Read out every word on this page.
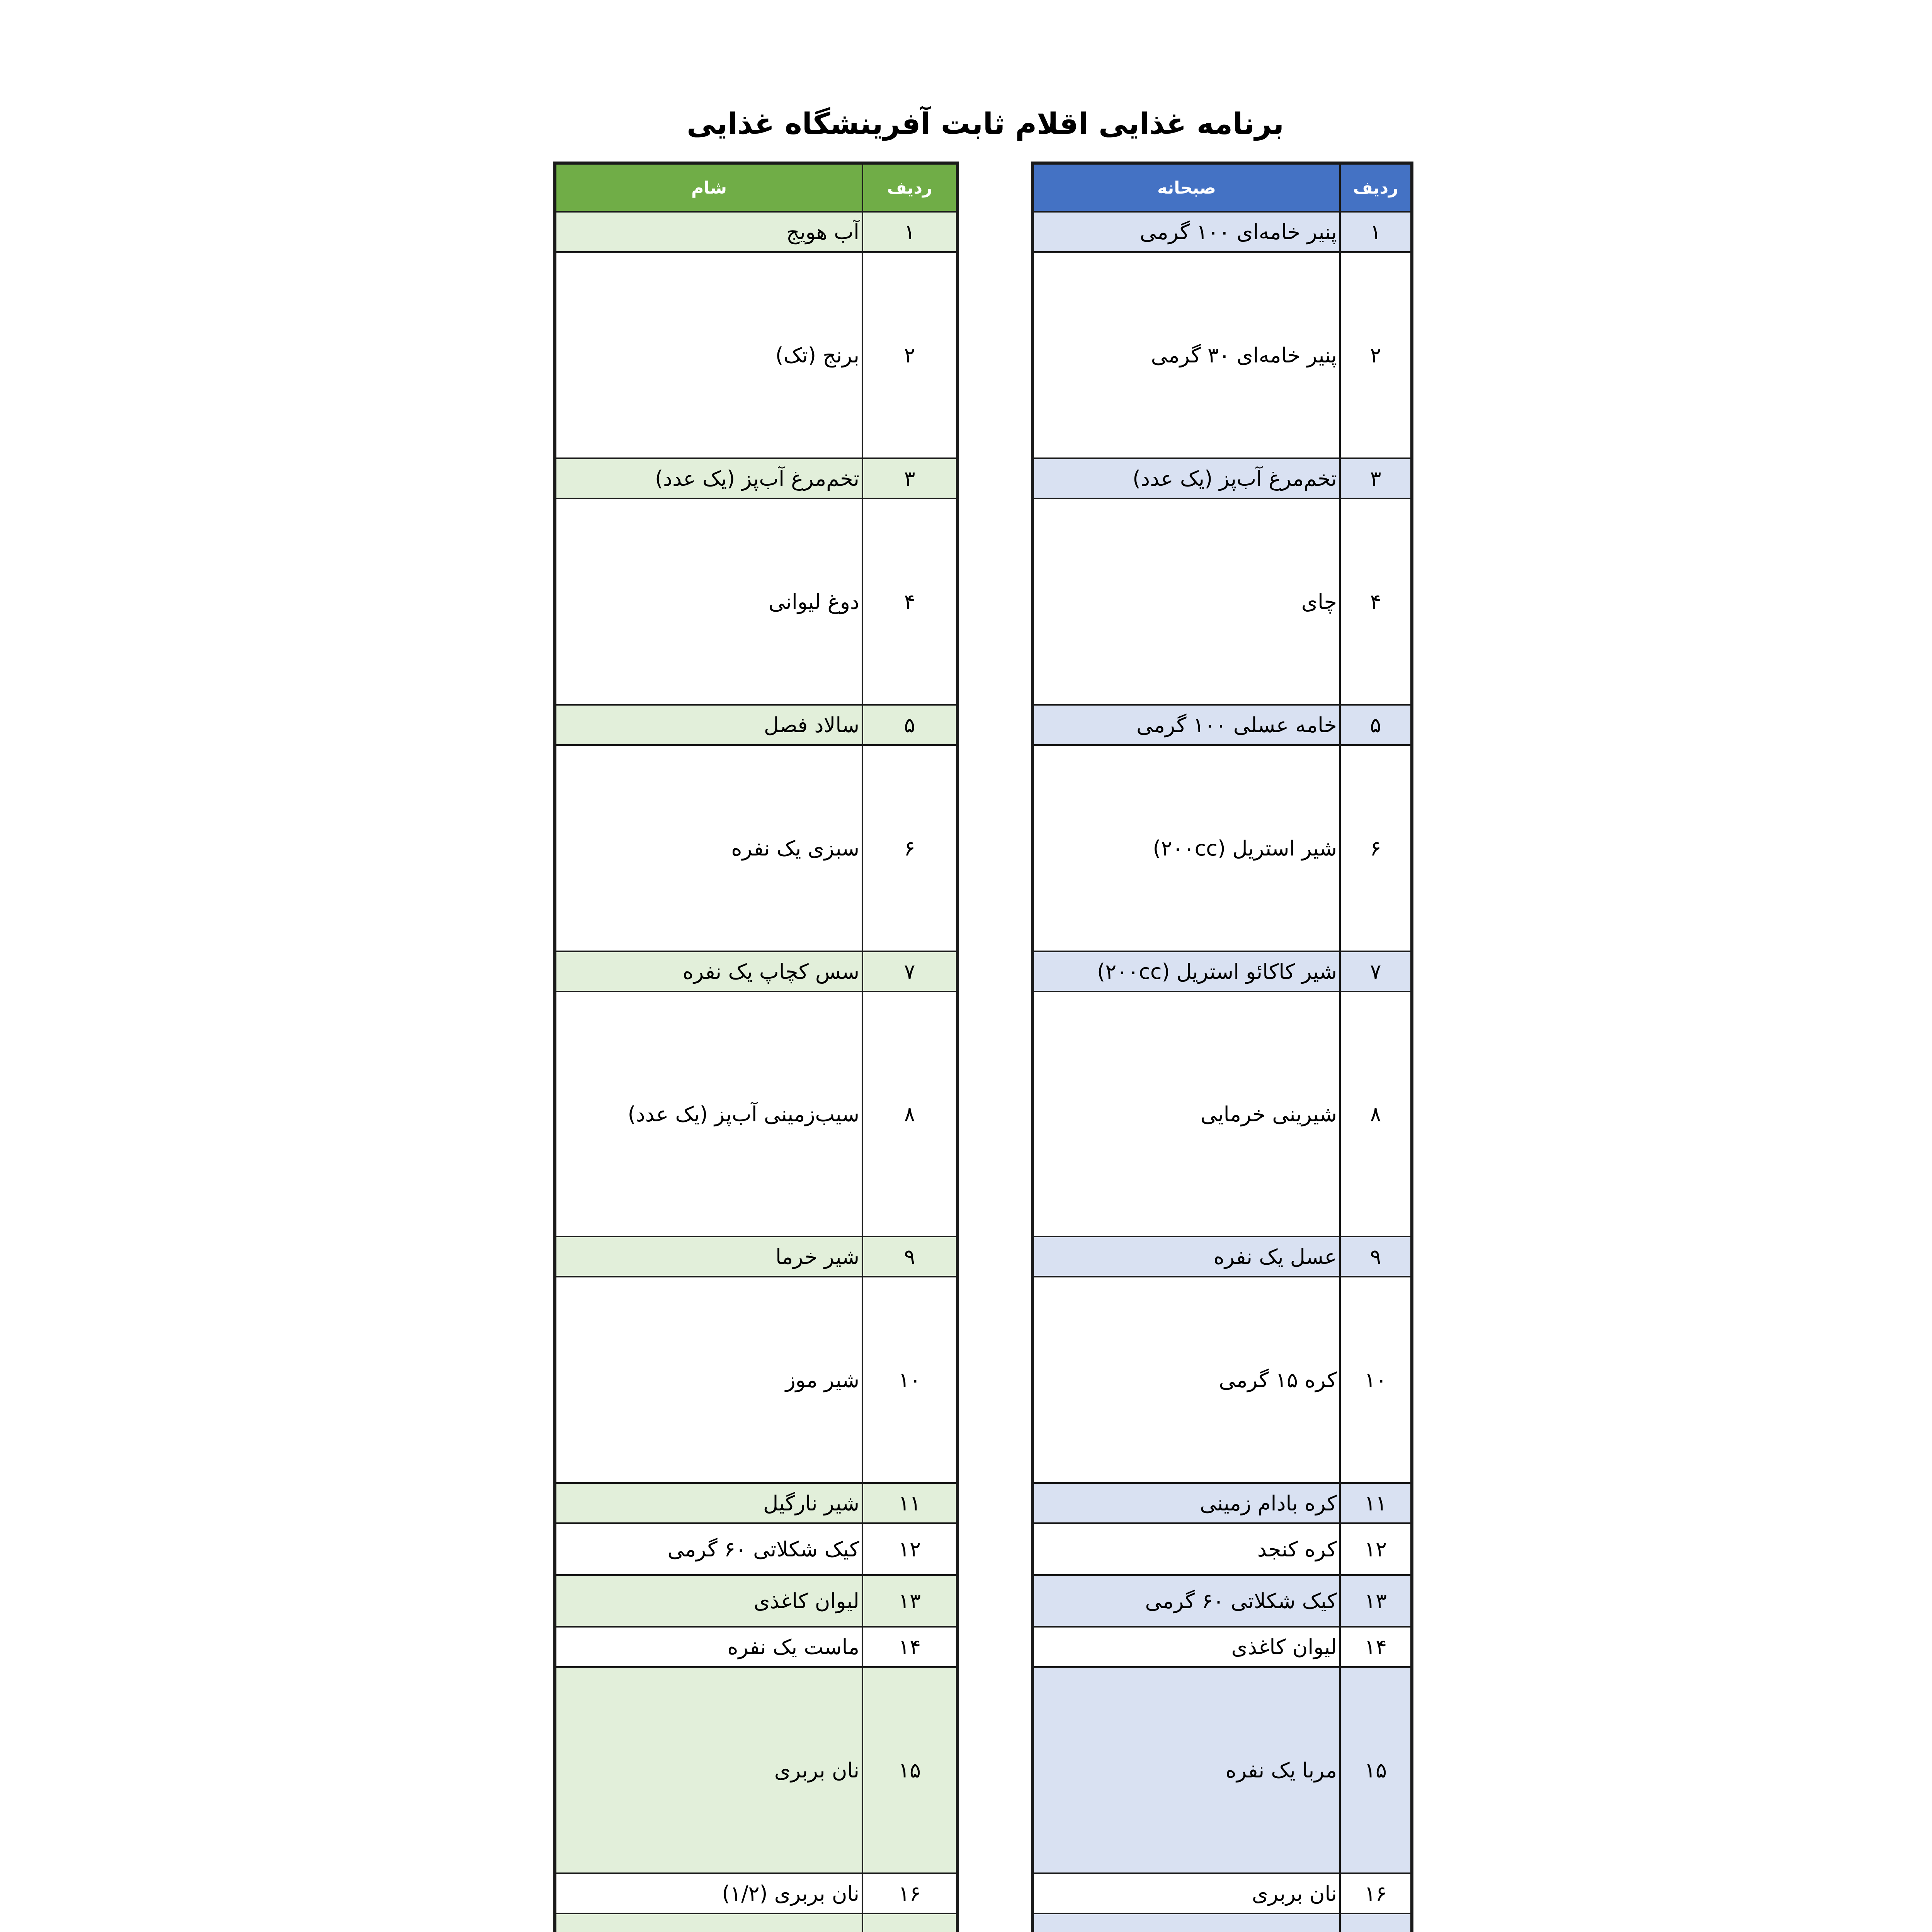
برنامه غذایی اقلام ثابت آفرینشگاه غذایی
ردیف	صبحانه
۱	پنیر خامه‌ای ۱۰۰ گرمی
۲	پنیر خامه‌ای ۳۰ گرمی
۳	تخم‌مرغ آب‌پز (یک عدد)
۴	چای
۵	خامه عسلی ۱۰۰ گرمی
۶	شیر استریل (۲۰۰cc)
۷	شیر کاکائو استریل (۲۰۰cc)
۸	شیرینی خرمایی
۹	عسل یک نفره
۱۰	کره ۱۵ گرمی
۱۱	کره بادام زمینی
۱۲	کره کنجد
۱۳	کیک شکلاتی ۶۰ گرمی
۱۴	لیوان کاغذی
۱۵	مربا یک نفره
۱۶	نان بربری

ردیف	شام
۱	آب هویج
۲	برنج (تک)
۳	تخم‌مرغ آب‌پز (یک عدد)
۴	دوغ لیوانی
۵	سالاد فصل
۶	سبزی یک نفره
۷	سس کچاپ یک نفره
۸	سیب‌زمینی آب‌پز (یک عدد)
۹	شیر خرما
۱۰	شیر موز
۱۱	شیر نارگیل
۱۲	کیک شکلاتی ۶۰ گرمی
۱۳	لیوان کاغذی
۱۴	ماست یک نفره
۱۵	نان بربری
۱۶	نان بربری (۱/۲)
